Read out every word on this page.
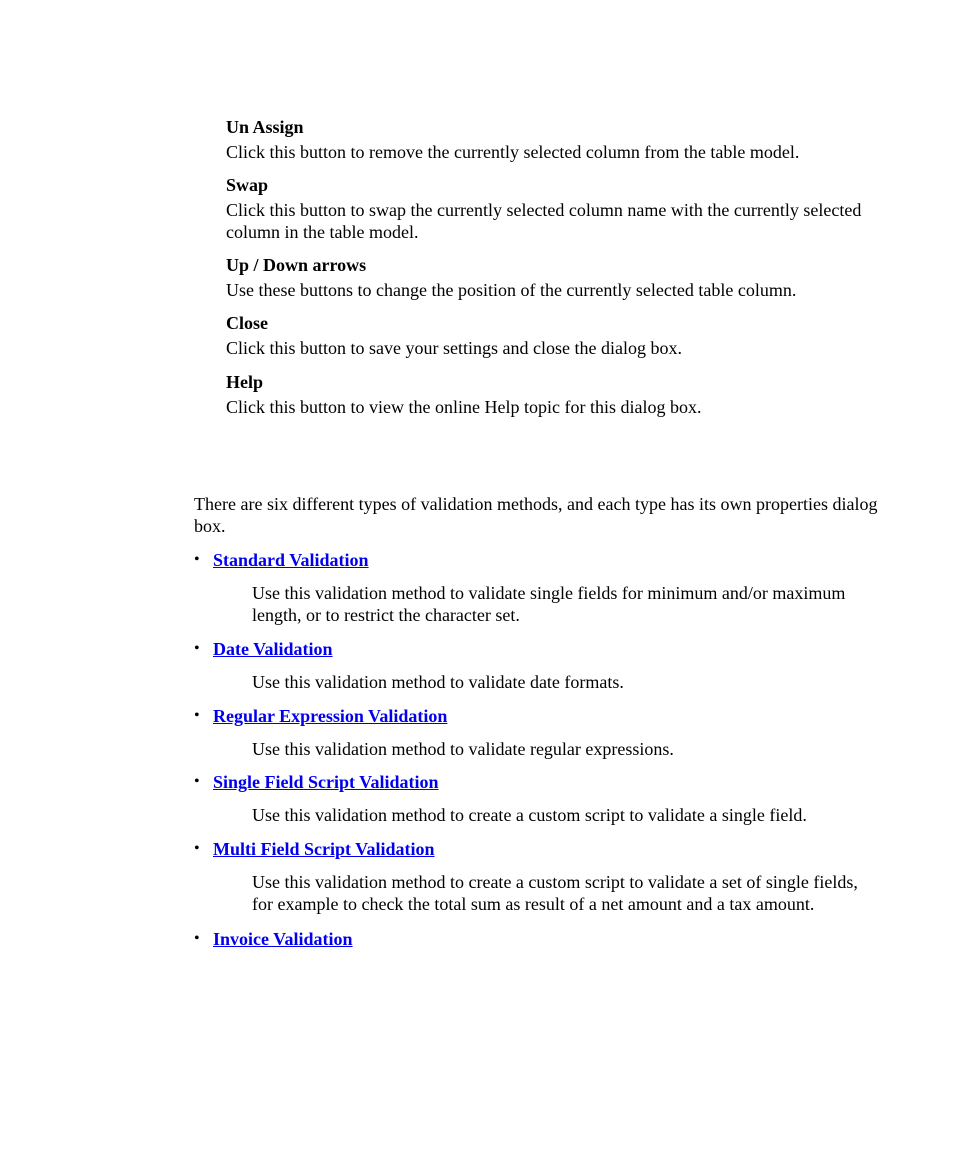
Un Assign
Click this button to remove the currently selected column from the table model.
Swap
Click this button to swap the currently selected column name with the currently selected column in the table model.
Up / Down arrows
Use these buttons to change the position of the currently selected table column.
Close
Click this button to save your settings and close the dialog box.
Help
Click this button to view the online Help topic for this dialog box.

There are six different types of validation methods, and each type has its own properties dialog box.

• Standard Validation
Use this validation method to validate single fields for minimum and/or maximum length, or to restrict the character set.
• Date Validation
Use this validation method to validate date formats.
• Regular Expression Validation
Use this validation method to validate regular expressions.
• Single Field Script Validation
Use this validation method to create a custom script to validate a single field.
• Multi Field Script Validation
Use this validation method to create a custom script to validate a set of single fields, for example to check the total sum as result of a net amount and a tax amount.
• Invoice Validation
